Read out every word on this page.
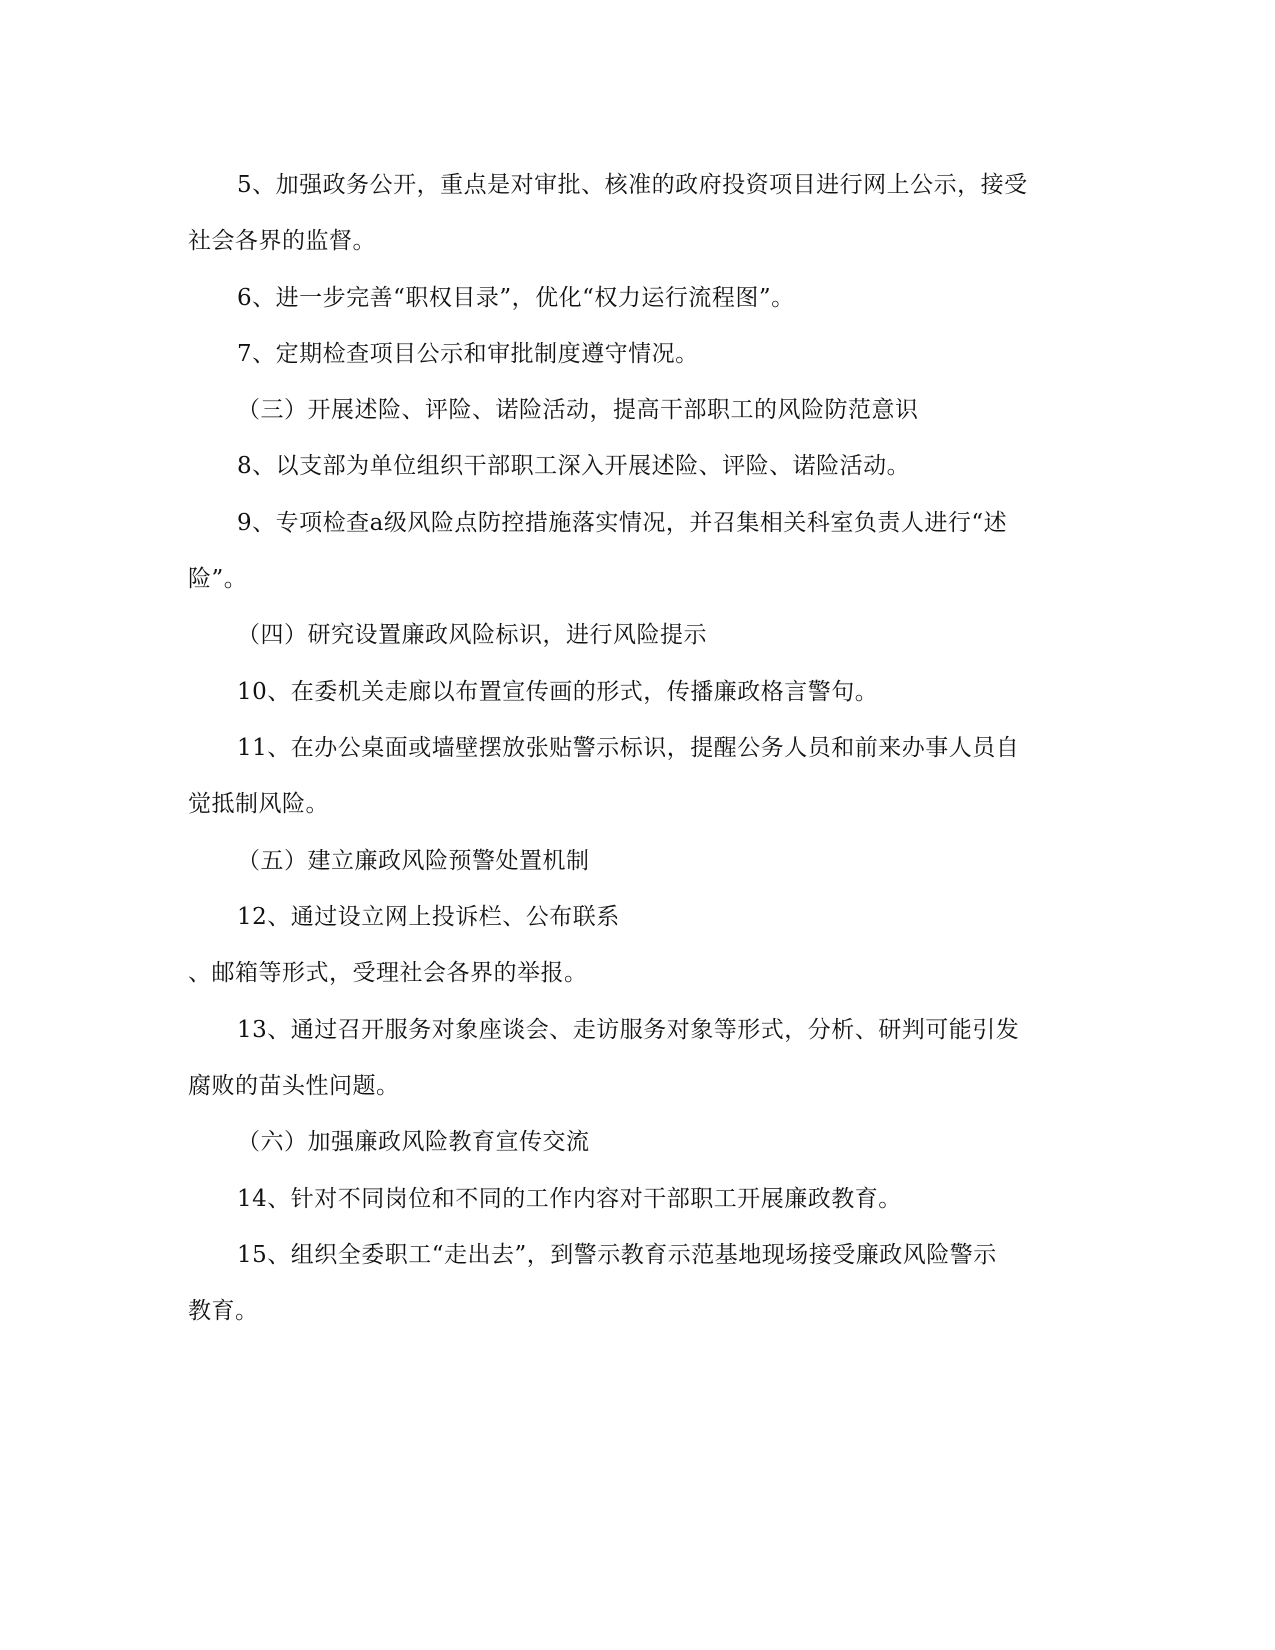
5、加强政务公开，重点是对审批、核准的政府投资项目进行网上公示，接受
社会各界的监督。
6、进一步完善“职权目录”，优化“权力运行流程图”。
7、定期检查项目公示和审批制度遵守情况。
（三）开展述险、评险、诺险活动，提高干部职工的风险防范意识
8、以支部为单位组织干部职工深入开展述险、评险、诺险活动。
9、专项检查a级风险点防控措施落实情况，并召集相关科室负责人进行“述
险”。
（四）研究设置廉政风险标识，进行风险提示
10、在委机关走廊以布置宣传画的形式，传播廉政格言警句。
11、在办公桌面或墙壁摆放张贴警示标识，提醒公务人员和前来办事人员自
觉抵制风险。
（五）建立廉政风险预警处置机制
12、通过设立网上投诉栏、公布联系
、邮箱等形式，受理社会各界的举报。
13、通过召开服务对象座谈会、走访服务对象等形式，分析、研判可能引发
腐败的苗头性问题。
（六）加强廉政风险教育宣传交流
14、针对不同岗位和不同的工作内容对干部职工开展廉政教育。
15、组织全委职工“走出去”，到警示教育示范基地现场接受廉政风险警示
教育。
